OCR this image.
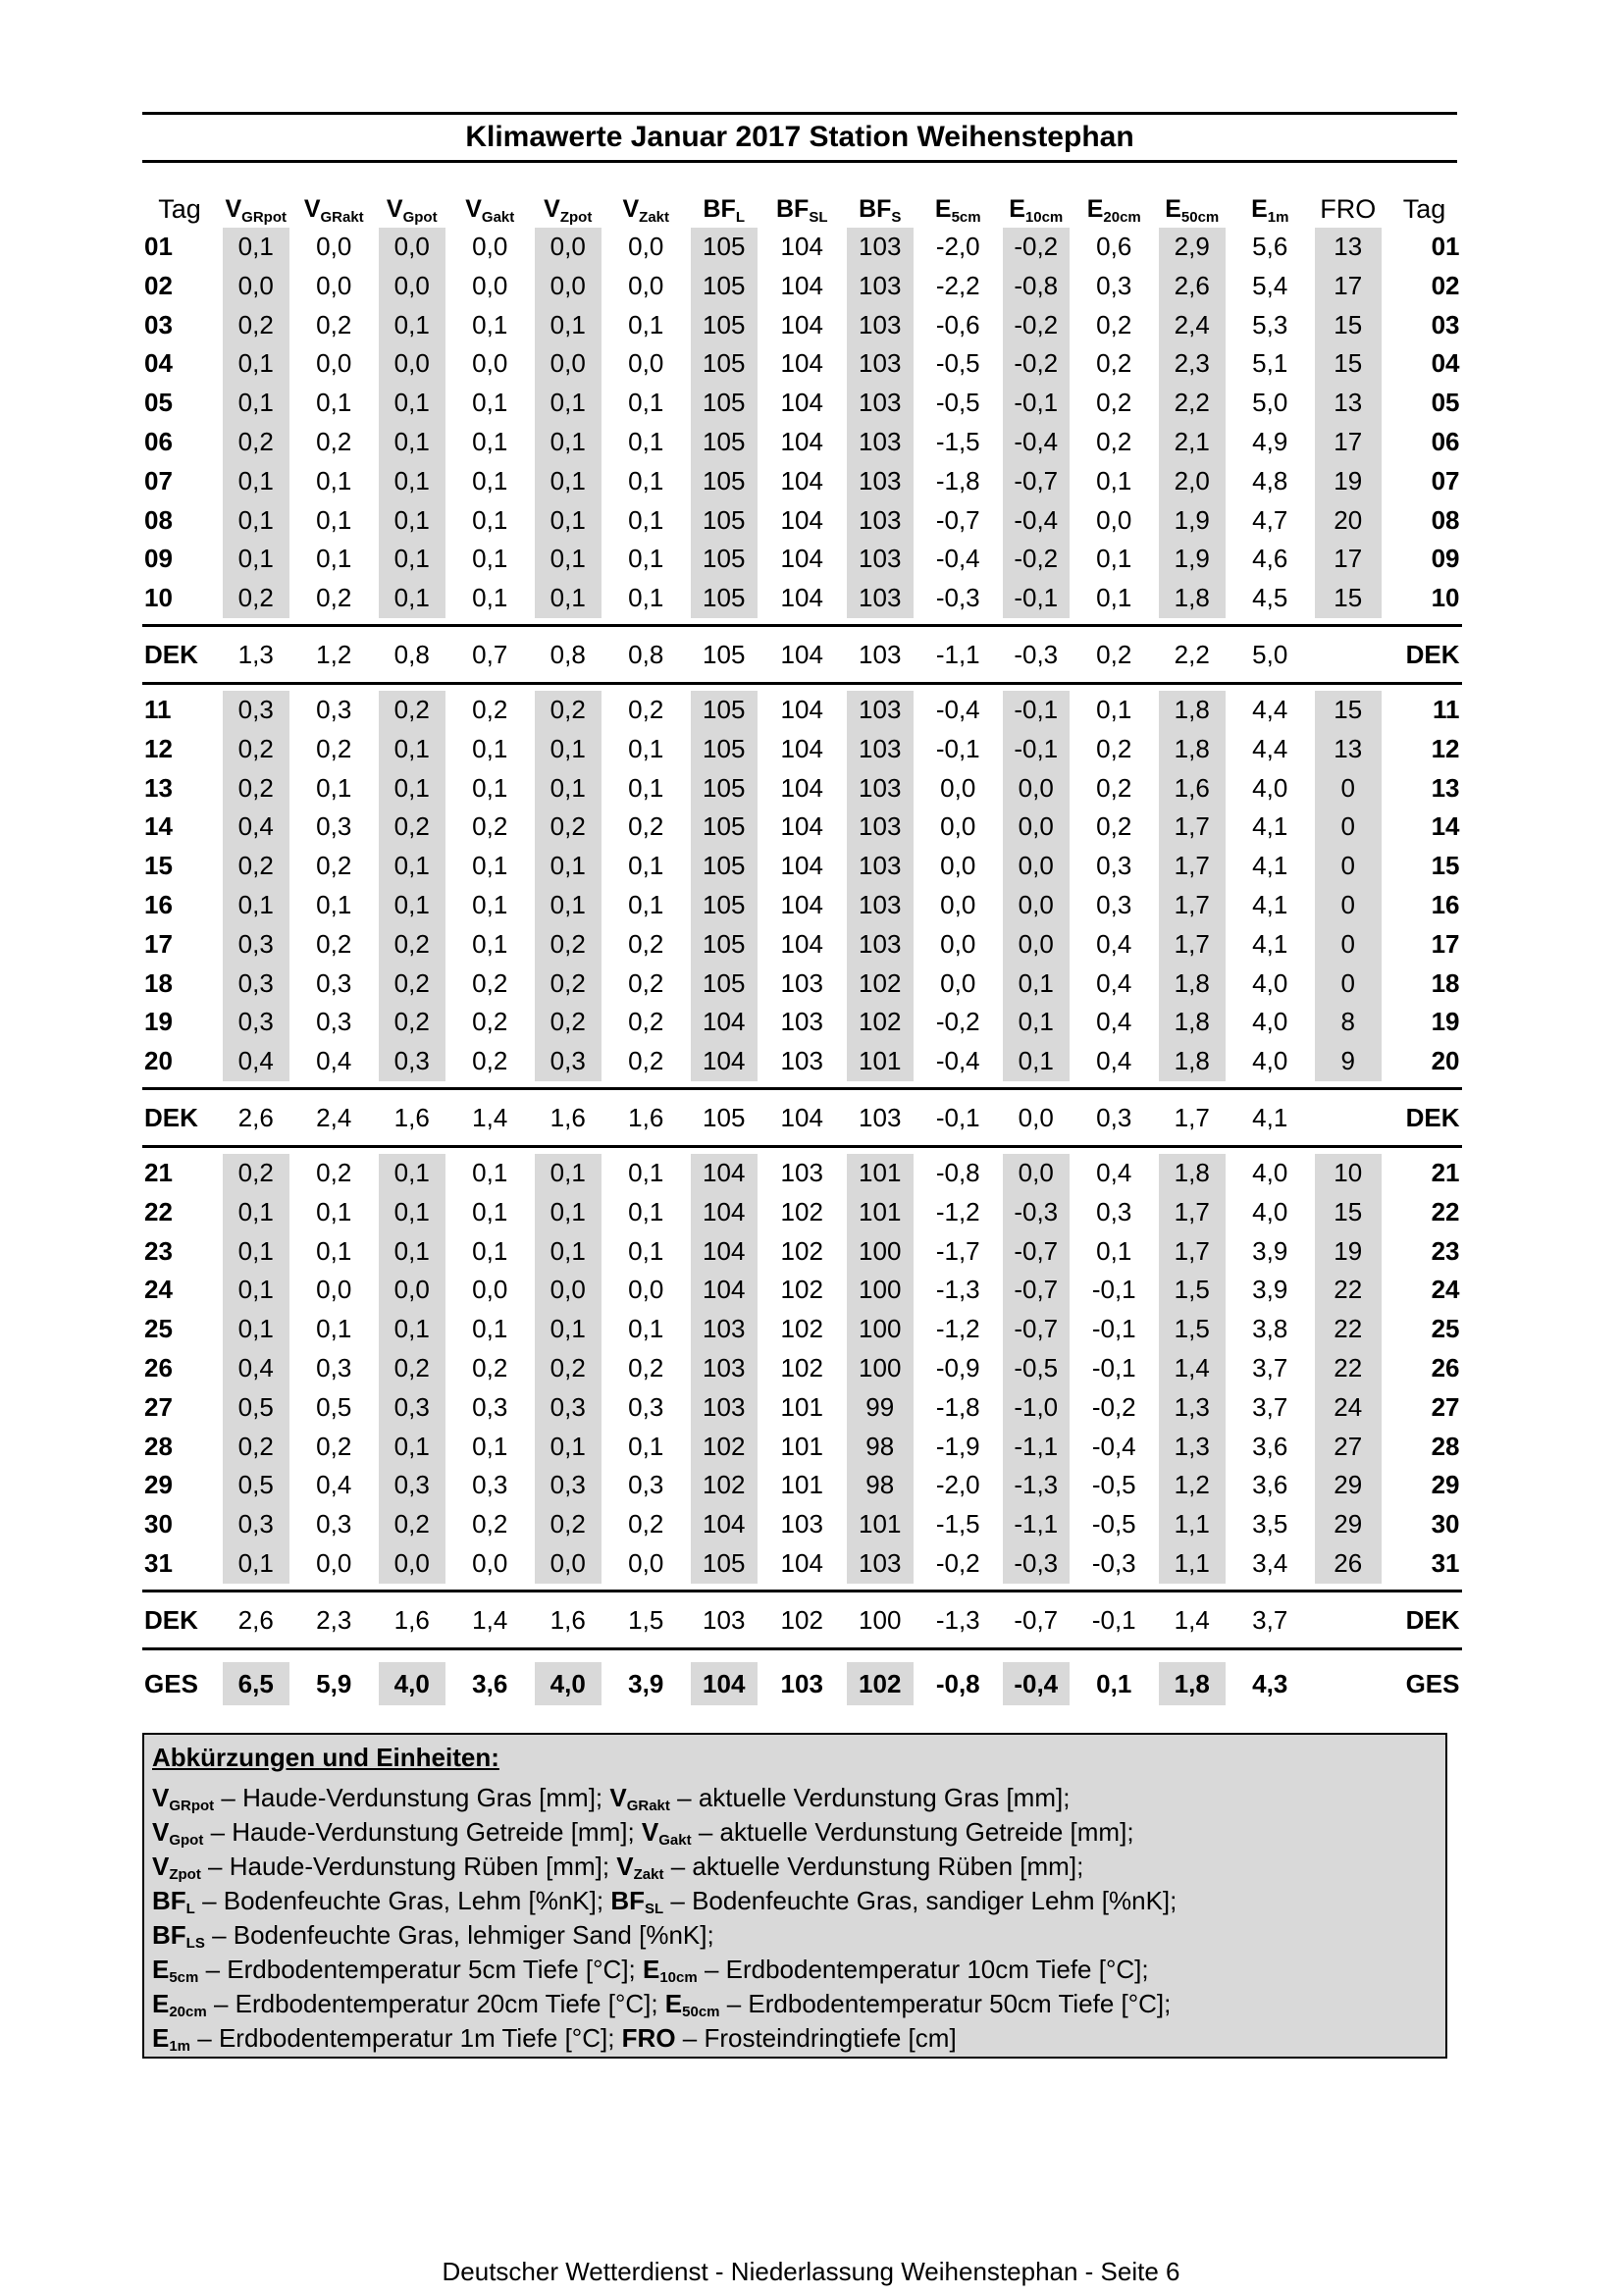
Klimawerte Januar 2017 Station Weihenstephan
Tag	$V_{GRpot}$	$V_{GRakt}$	$V_{Gpot}$	$V_{Gakt}$	$V_{Zpot}$	$V_{Zakt}$	$BF_L$	$BF_{SL}$	$BF_S$	$E_{5cm}$	$E_{10cm}$	$E_{20cm}$	$E_{50cm}$	$E_{1m}$	FRO	Tag
01	0,1	0,0	0,0	0,0	0,0	0,0	105	104	103	-2,0	-0,2	0,6	2,9	5,6	13	01
02	0,0	0,0	0,0	0,0	0,0	0,0	105	104	103	-2,2	-0,8	0,3	2,6	5,4	17	02
03	0,2	0,2	0,1	0,1	0,1	0,1	105	104	103	-0,6	-0,2	0,2	2,4	5,3	15	03
04	0,1	0,0	0,0	0,0	0,0	0,0	105	104	103	-0,5	-0,2	0,2	2,3	5,1	15	04
05	0,1	0,1	0,1	0,1	0,1	0,1	105	104	103	-0,5	-0,1	0,2	2,2	5,0	13	05
06	0,2	0,2	0,1	0,1	0,1	0,1	105	104	103	-1,5	-0,4	0,2	2,1	4,9	17	06
07	0,1	0,1	0,1	0,1	0,1	0,1	105	104	103	-1,8	-0,7	0,1	2,0	4,8	19	07
08	0,1	0,1	0,1	0,1	0,1	0,1	105	104	103	-0,7	-0,4	0,0	1,9	4,7	20	08
09	0,1	0,1	0,1	0,1	0,1	0,1	105	104	103	-0,4	-0,2	0,1	1,9	4,6	17	09
10	0,2	0,2	0,1	0,1	0,1	0,1	105	104	103	-0,3	-0,1	0,1	1,8	4,5	15	10

DEK	1,3	1,2	0,8	0,7	0,8	0,8	105	104	103	-1,1	-0,3	0,2	2,2	5,0		DEK

11	0,3	0,3	0,2	0,2	0,2	0,2	105	104	103	-0,4	-0,1	0,1	1,8	4,4	15	11
12	0,2	0,2	0,1	0,1	0,1	0,1	105	104	103	-0,1	-0,1	0,2	1,8	4,4	13	12
13	0,2	0,1	0,1	0,1	0,1	0,1	105	104	103	0,0	0,0	0,2	1,6	4,0	0	13
14	0,4	0,3	0,2	0,2	0,2	0,2	105	104	103	0,0	0,0	0,2	1,7	4,1	0	14
15	0,2	0,2	0,1	0,1	0,1	0,1	105	104	103	0,0	0,0	0,3	1,7	4,1	0	15
16	0,1	0,1	0,1	0,1	0,1	0,1	105	104	103	0,0	0,0	0,3	1,7	4,1	0	16
17	0,3	0,2	0,2	0,1	0,2	0,2	105	104	103	0,0	0,0	0,4	1,7	4,1	0	17
18	0,3	0,3	0,2	0,2	0,2	0,2	105	103	102	0,0	0,1	0,4	1,8	4,0	0	18
19	0,3	0,3	0,2	0,2	0,2	0,2	104	103	102	-0,2	0,1	0,4	1,8	4,0	8	19
20	0,4	0,4	0,3	0,2	0,3	0,2	104	103	101	-0,4	0,1	0,4	1,8	4,0	9	20

DEK	2,6	2,4	1,6	1,4	1,6	1,6	105	104	103	-0,1	0,0	0,3	1,7	4,1		DEK

21	0,2	0,2	0,1	0,1	0,1	0,1	104	103	101	-0,8	0,0	0,4	1,8	4,0	10	21
22	0,1	0,1	0,1	0,1	0,1	0,1	104	102	101	-1,2	-0,3	0,3	1,7	4,0	15	22
23	0,1	0,1	0,1	0,1	0,1	0,1	104	102	100	-1,7	-0,7	0,1	1,7	3,9	19	23
24	0,1	0,0	0,0	0,0	0,0	0,0	104	102	100	-1,3	-0,7	-0,1	1,5	3,9	22	24
25	0,1	0,1	0,1	0,1	0,1	0,1	103	102	100	-1,2	-0,7	-0,1	1,5	3,8	22	25
26	0,4	0,3	0,2	0,2	0,2	0,2	103	102	100	-0,9	-0,5	-0,1	1,4	3,7	22	26
27	0,5	0,5	0,3	0,3	0,3	0,3	103	101	99	-1,8	-1,0	-0,2	1,3	3,7	24	27
28	0,2	0,2	0,1	0,1	0,1	0,1	102	101	98	-1,9	-1,1	-0,4	1,3	3,6	27	28
29	0,5	0,4	0,3	0,3	0,3	0,3	102	101	98	-2,0	-1,3	-0,5	1,2	3,6	29	29
30	0,3	0,3	0,2	0,2	0,2	0,2	104	103	101	-1,5	-1,1	-0,5	1,1	3,5	29	30
31	0,1	0,0	0,0	0,0	0,0	0,0	105	104	103	-0,2	-0,3	-0,3	1,1	3,4	26	31

DEK	2,6	2,3	1,6	1,4	1,6	1,5	103	102	100	-1,3	-0,7	-0,1	1,4	3,7		DEK

GES	6,5	5,9	4,0	3,6	4,0	3,9	104	103	102	-0,8	-0,4	0,1	1,8	4,3		GES
Abkürzungen und Einheiten:
$V_{GRpot}$ – Haude-Verdunstung Gras [mm]; $V_{GRakt}$ – aktuelle Verdunstung Gras [mm];
$V_{Gpot}$ – Haude-Verdunstung Getreide [mm]; $V_{Gakt}$ – aktuelle Verdunstung Getreide [mm];
$V_{Zpot}$ – Haude-Verdunstung Rüben [mm]; $V_{Zakt}$ – aktuelle Verdunstung Rüben [mm];
$BF_L$ – Bodenfeuchte Gras, Lehm [%nK]; $BF_{SL}$ – Bodenfeuchte Gras, sandiger Lehm [%nK];
$BF_{LS}$ – Bodenfeuchte Gras, lehmiger Sand [%nK];
$E_{5cm}$ – Erdbodentemperatur 5cm Tiefe [°C]; $E_{10cm}$ – Erdbodentemperatur 10cm Tiefe [°C];
$E_{20cm}$ – Erdbodentemperatur 20cm Tiefe [°C]; $E_{50cm}$ – Erdbodentemperatur 50cm Tiefe [°C];
$E_{1m}$ – Erdbodentemperatur 1m Tiefe [°C]; FRO – Frosteindringtiefe [cm]
Deutscher Wetterdienst - Niederlassung Weihenstephan - Seite 6
